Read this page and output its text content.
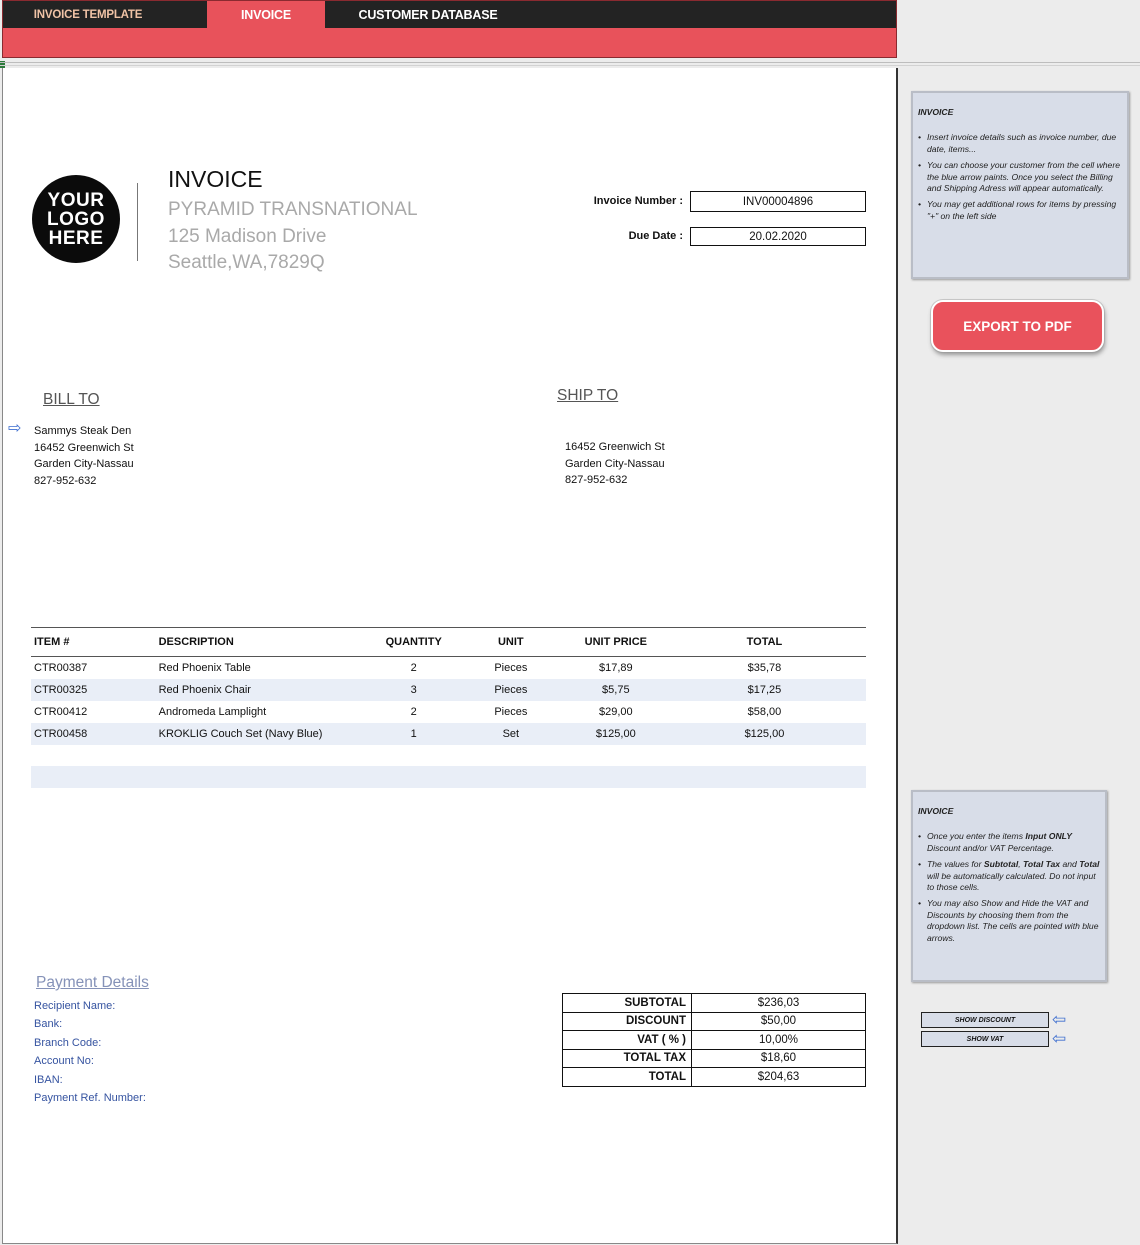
INVOICE TEMPLATE	INVOICE	CUSTOMER DATABASE
YOUR
LOGO
HERE
INVOICE
PYRAMID TRANSNATIONAL
125 Madison Drive
Seattle,WA,7829Q
Invoice Number :	INV00004896
Due Date :	20.02.2020
BILL TO
⇨ Sammys Steak Den
16452 Greenwich St
Garden City-Nassau
827-952-632
SHIP TO
16452 Greenwich St
Garden City-Nassau
827-952-632
ITEM #	DESCRIPTION	QUANTITY	UNIT	UNIT PRICE	TOTAL
CTR00387	Red Phoenix Table	2	Pieces	$17,89	$35,78
CTR00325	Red Phoenix Chair	3	Pieces	$5,75	$17,25
CTR00412	Andromeda Lamplight	2	Pieces	$29,00	$58,00
CTR00458	KROKLIG Couch Set (Navy Blue)	1	Set	$125,00	$125,00
Payment Details
Recipient Name:
Bank:
Branch Code:
Account No:
IBAN:
Payment Ref. Number:
SUBTOTAL	$236,03
DISCOUNT	$50,00
VAT ( % )	10,00%
TOTAL TAX	$18,60
TOTAL	$204,63
INVOICE
• Insert invoice details such as invoice number, due date, items...
• You can choose your customer from the cell where the blue arrow paints. Once you select the Billing and Shipping Adress will appear automatically.
• You may get additional rows for items by pressing "+" on the left side
EXPORT TO PDF
INVOICE
• Once you enter the items Input ONLY Discount and/or VAT Percentage.
• The values for Subtotal, Total Tax and Total will be automatically calculated. Do not input to those cells.
• You may also Show and Hide the VAT and Discounts by choosing them from the dropdown list. The cells are pointed with blue arrows.
SHOW DISCOUNT	⇦
SHOW VAT	⇦
